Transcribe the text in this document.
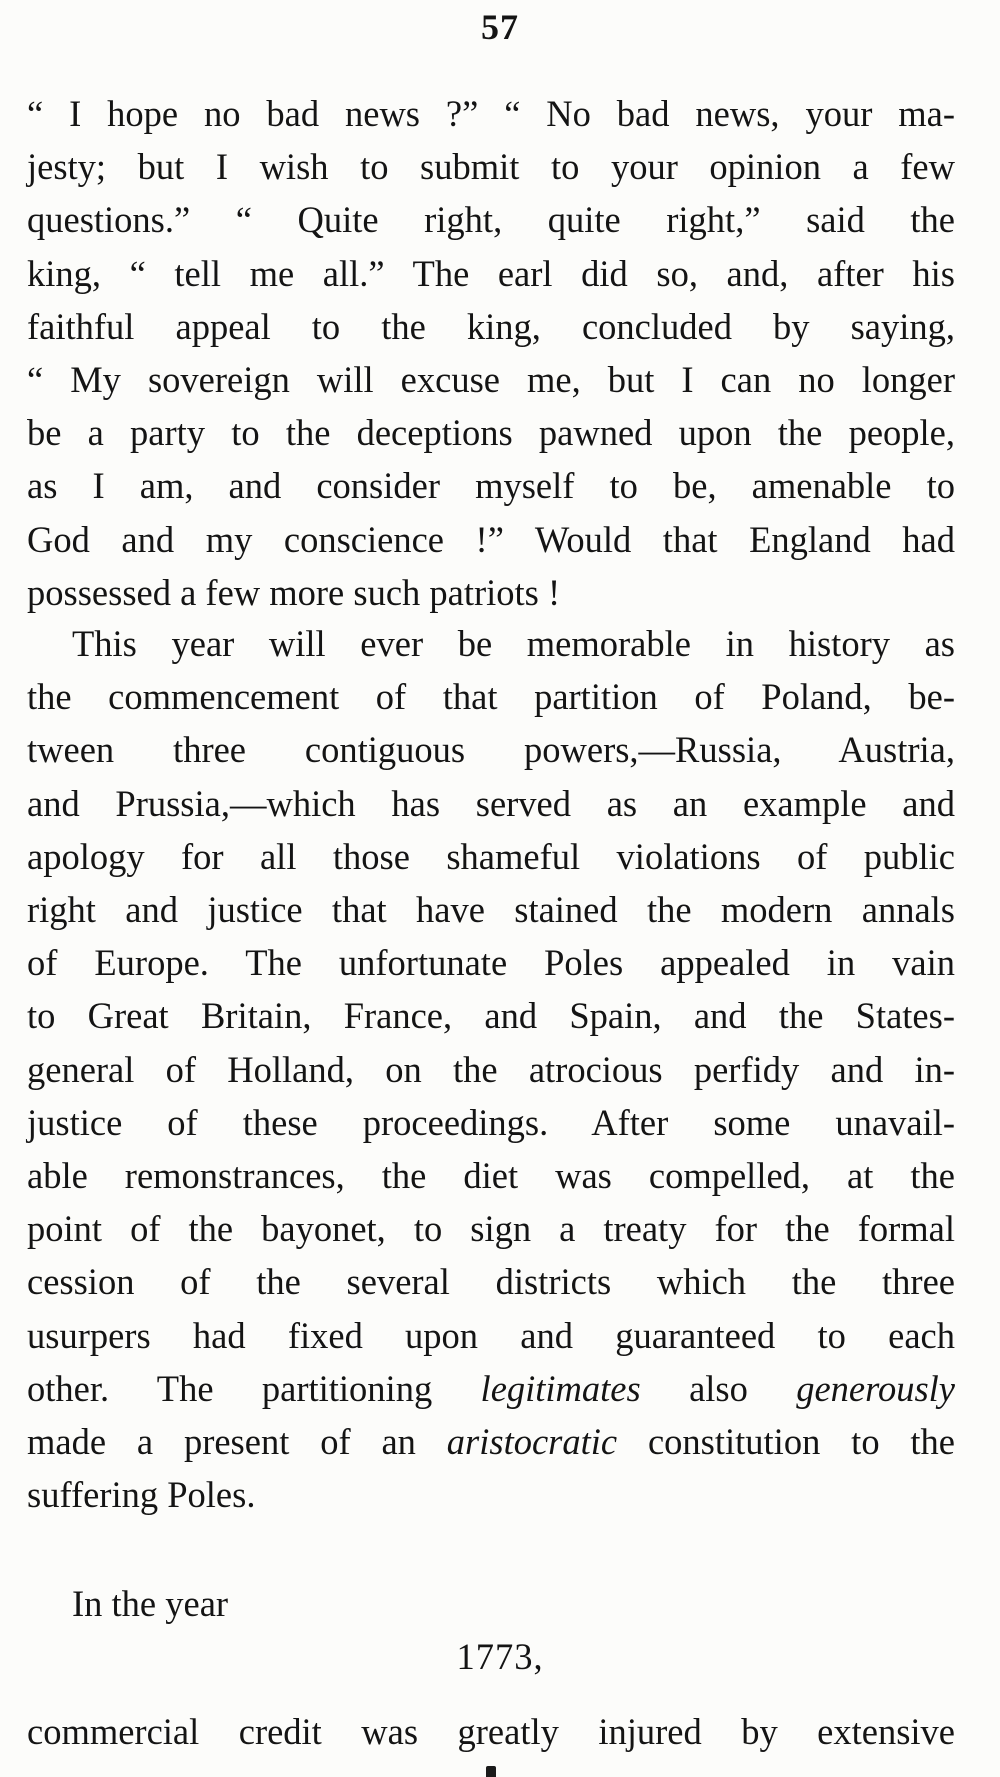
57
“ I hope no bad news ?” “ No bad news, your ma-
jesty; but I wish to submit to your opinion a few
questions.” “ Quite right, quite right,” said the
king, “ tell me all.” The earl did so, and, after his
faithful appeal to the king, concluded by saying,
“ My sovereign will excuse me, but I can no longer
be a party to the deceptions pawned upon the people,
as I am, and consider myself to be, amenable to
God and my conscience !” Would that England had
possessed a few more such patriots !
This year will ever be memorable in history as
the commencement of that partition of Poland, be-
tween three contiguous powers,—Russia, Austria,
and Prussia,—which has served as an example and
apology for all those shameful violations of public
right and justice that have stained the modern annals
of Europe. The unfortunate Poles appealed in vain
to Great Britain, France, and Spain, and the States-
general of Holland, on the atrocious perfidy and in-
justice of these proceedings. After some unavail-
able remonstrances, the diet was compelled, at the
point of the bayonet, to sign a treaty for the formal
cession of the several districts which the three
usurpers had fixed upon and guaranteed to each
other. The partitioning legitimates also generously
made a present of an aristocratic constitution to the
suffering Poles.
In the year
1773,
commercial credit was greatly injured by extensive
